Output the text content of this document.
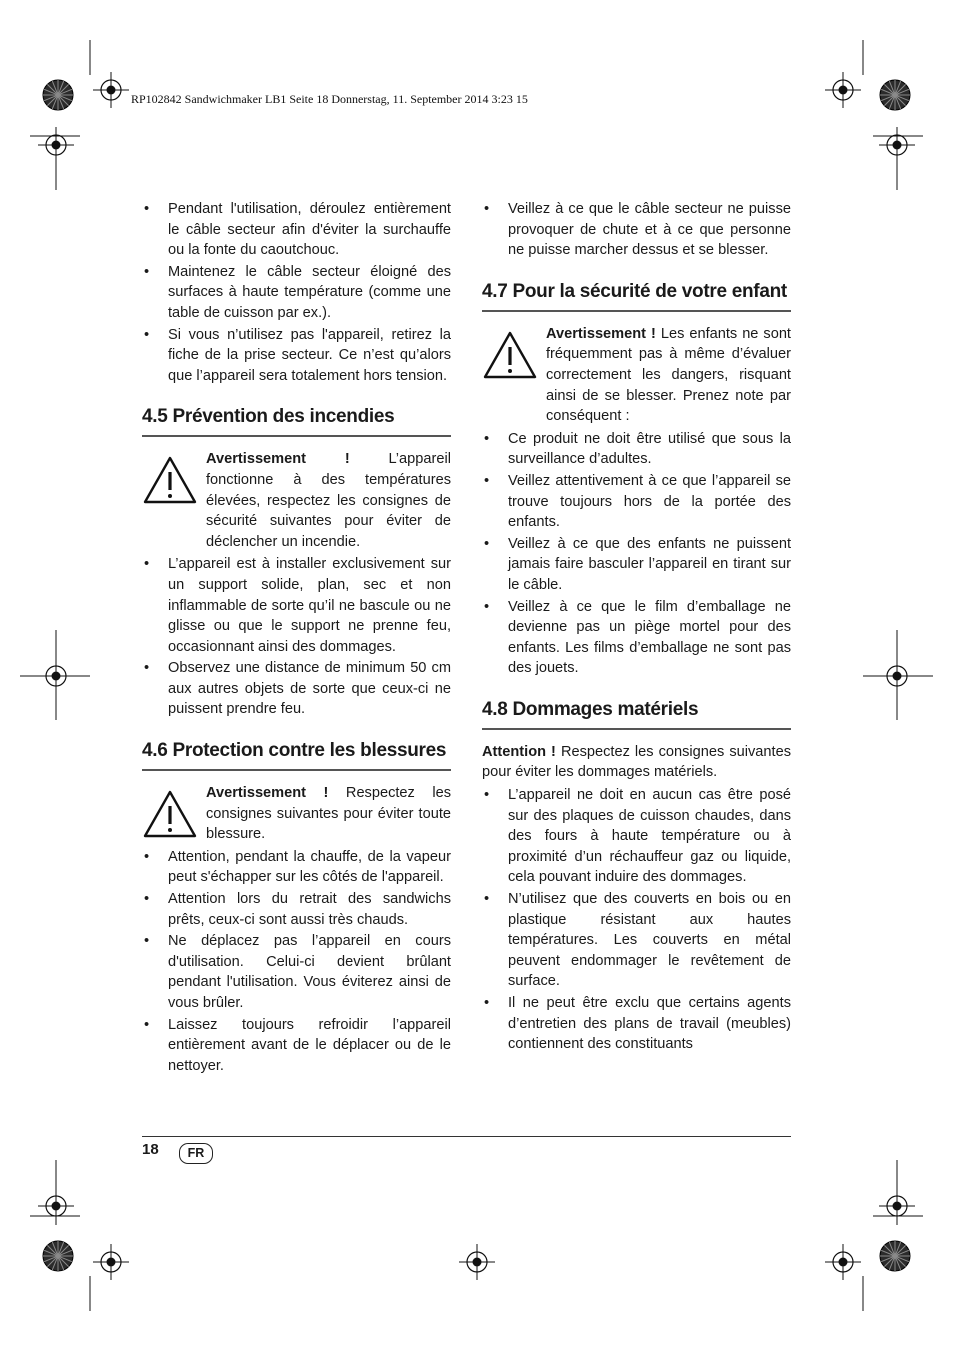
RP102842 Sandwichmaker LB1 Seite 18 Donnerstag, 11. September 2014 3:23 15
• Pendant l'utilisation, déroulez entièrement le câble secteur afin d'éviter la surchauffe ou la fonte du caoutchouc.
• Maintenez le câble secteur éloigné des surfaces à haute température (comme une table de cuisson par ex.).
• Si vous n’utilisez pas l'appareil, retirez la fiche de la prise secteur. Ce n’est qu’alors que l’appareil sera totalement hors tension.
4.5 Prévention des incendies
Avertissement ! L’appareil fonctionne à des températures élevées, respectez les consignes de sécurité suivantes pour éviter de déclencher un incendie.
• L’appareil est à installer exclusivement sur un support solide, plan, sec et non inflammable de sorte qu’il ne bascule ou ne glisse ou que le support ne prenne feu, occasionnant ainsi des dommages.
• Observez une distance de minimum 50 cm aux autres objets de sorte que ceux-ci ne puissent prendre feu.
4.6 Protection contre les blessures
Avertissement ! Respectez les consignes suivantes pour éviter toute blessure.
• Attention, pendant la chauffe, de la vapeur peut s'échapper sur les côtés de l'appareil.
• Attention lors du retrait des sandwichs prêts, ceux-ci sont aussi très chauds.
• Ne déplacez pas l’appareil en cours d'utilisation. Celui-ci devient brûlant pendant l'utilisation. Vous éviterez ainsi de vous brûler.
• Laissez toujours refroidir l’appareil entièrement avant de le déplacer ou de le nettoyer.
• Veillez à ce que le câble secteur ne puisse provoquer de chute et à ce que personne ne puisse marcher dessus et se blesser.
4.7 Pour la sécurité de votre enfant
Avertissement ! Les enfants ne sont fréquemment pas à même d’évaluer correctement les dangers, risquant ainsi de se blesser. Prenez note par conséquent :
• Ce produit ne doit être utilisé que sous la surveillance d’adultes.
• Veillez attentivement à ce que l’appareil se trouve toujours hors de la portée des enfants.
• Veillez à ce que des enfants ne puissent jamais faire basculer l’appareil en tirant sur le câble.
• Veillez à ce que le film d’emballage ne devienne pas un piège mortel pour des enfants. Les films d’emballage ne sont pas des jouets.
4.8 Dommages matériels
Attention ! Respectez les consignes suivantes pour éviter les dommages matériels.
• L’appareil ne doit en aucun cas être posé sur des plaques de cuisson chaudes, dans des fours à haute température ou à proximité d’un réchauffeur gaz ou liquide, cela pouvant induire des dommages.
• N’utilisez que des couverts en bois ou en plastique résistant aux hautes températures. Les couverts en métal peuvent endommager le revêtement de surface.
• Il ne peut être exclu que certains agents d’entretien des plans de travail (meubles) contiennent des constituants
18	FR
